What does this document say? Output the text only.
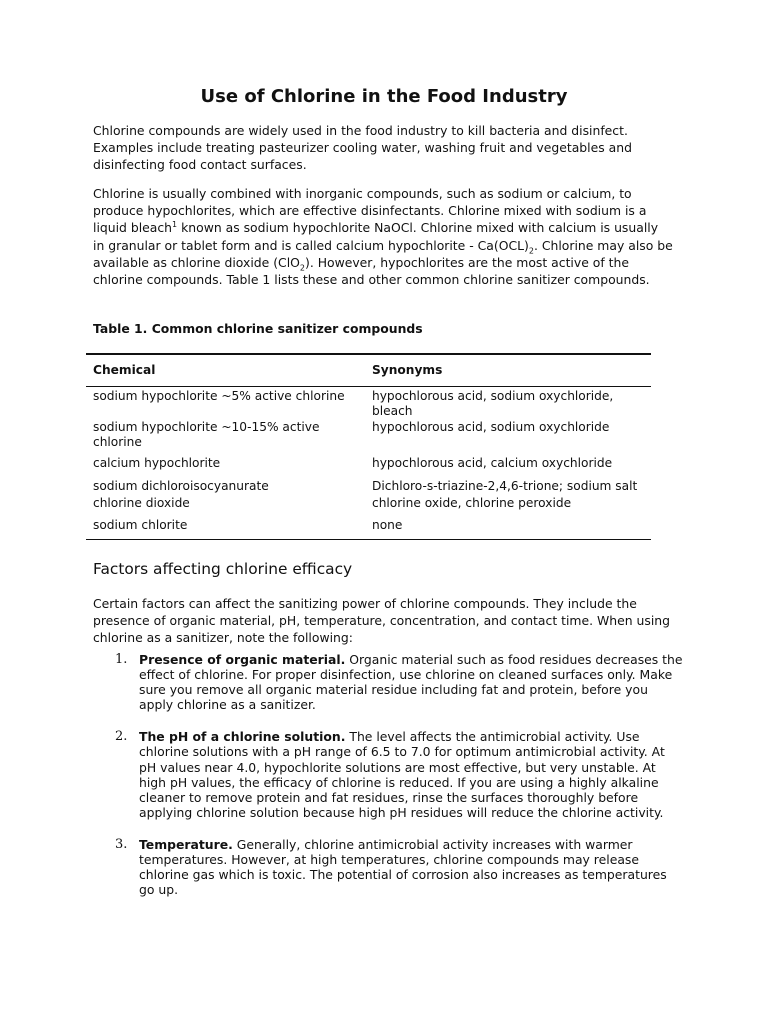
Use of Chlorine in the Food Industry

Chlorine compounds are widely used in the food industry to kill bacteria and disinfect. Examples include treating pasteurizer cooling water, washing fruit and vegetables and disinfecting food contact surfaces.

Chlorine is usually combined with inorganic compounds, such as sodium or calcium, to produce hypochlorites, which are effective disinfectants. Chlorine mixed with sodium is a liquid bleach$^1$ known as sodium hypochlorite NaOCl. Chlorine mixed with calcium is usually in granular or tablet form and is called calcium hypochlorite - $Ca(OCL)_2$. Chlorine may also be available as chlorine dioxide (ClO$_2$). However, hypochlorites are the most active of the chlorine compounds. Table 1 lists these and other common chlorine sanitizer compounds.

Table 1. Common chlorine sanitizer compounds

Chemical	Synonyms
sodium hypochlorite ~5% active chlorine	hypochlorous acid, sodium oxychloride, bleach
sodium hypochlorite ~10-15% active chlorine	hypochlorous acid, sodium oxychloride
calcium hypochlorite	hypochlorous acid, calcium oxychloride
sodium dichloroisocyanurate	Dichloro-s-triazine-2,4,6-trione; sodium salt
chlorine dioxide	chlorine oxide, chlorine peroxide
sodium chlorite	none
Factors affecting chlorine efficacy

Certain factors can affect the sanitizing power of chlorine compounds. They include the presence of organic material, pH, temperature, concentration, and contact time. When using chlorine as a sanitizer, note the following:

1. Presence of organic material. Organic material such as food residues decreases the effect of chlorine. For proper disinfection, use chlorine on cleaned surfaces only. Make sure you remove all organic material residue including fat and protein, before you apply chlorine as a sanitizer.
2. The pH of a chlorine solution. The level affects the antimicrobial activity. Use chlorine solutions with a pH range of 6.5 to 7.0 for optimum antimicrobial activity. At pH values near 4.0, hypochlorite solutions are most effective, but very unstable. At high pH values, the efficacy of chlorine is reduced. If you are using a highly alkaline cleaner to remove protein and fat residues, rinse the surfaces thoroughly before applying chlorine solution because high pH residues will reduce the chlorine activity.
3. Temperature. Generally, chlorine antimicrobial activity increases with warmer temperatures. However, at high temperatures, chlorine compounds may release chlorine gas which is toxic. The potential of corrosion also increases as temperatures go up.
